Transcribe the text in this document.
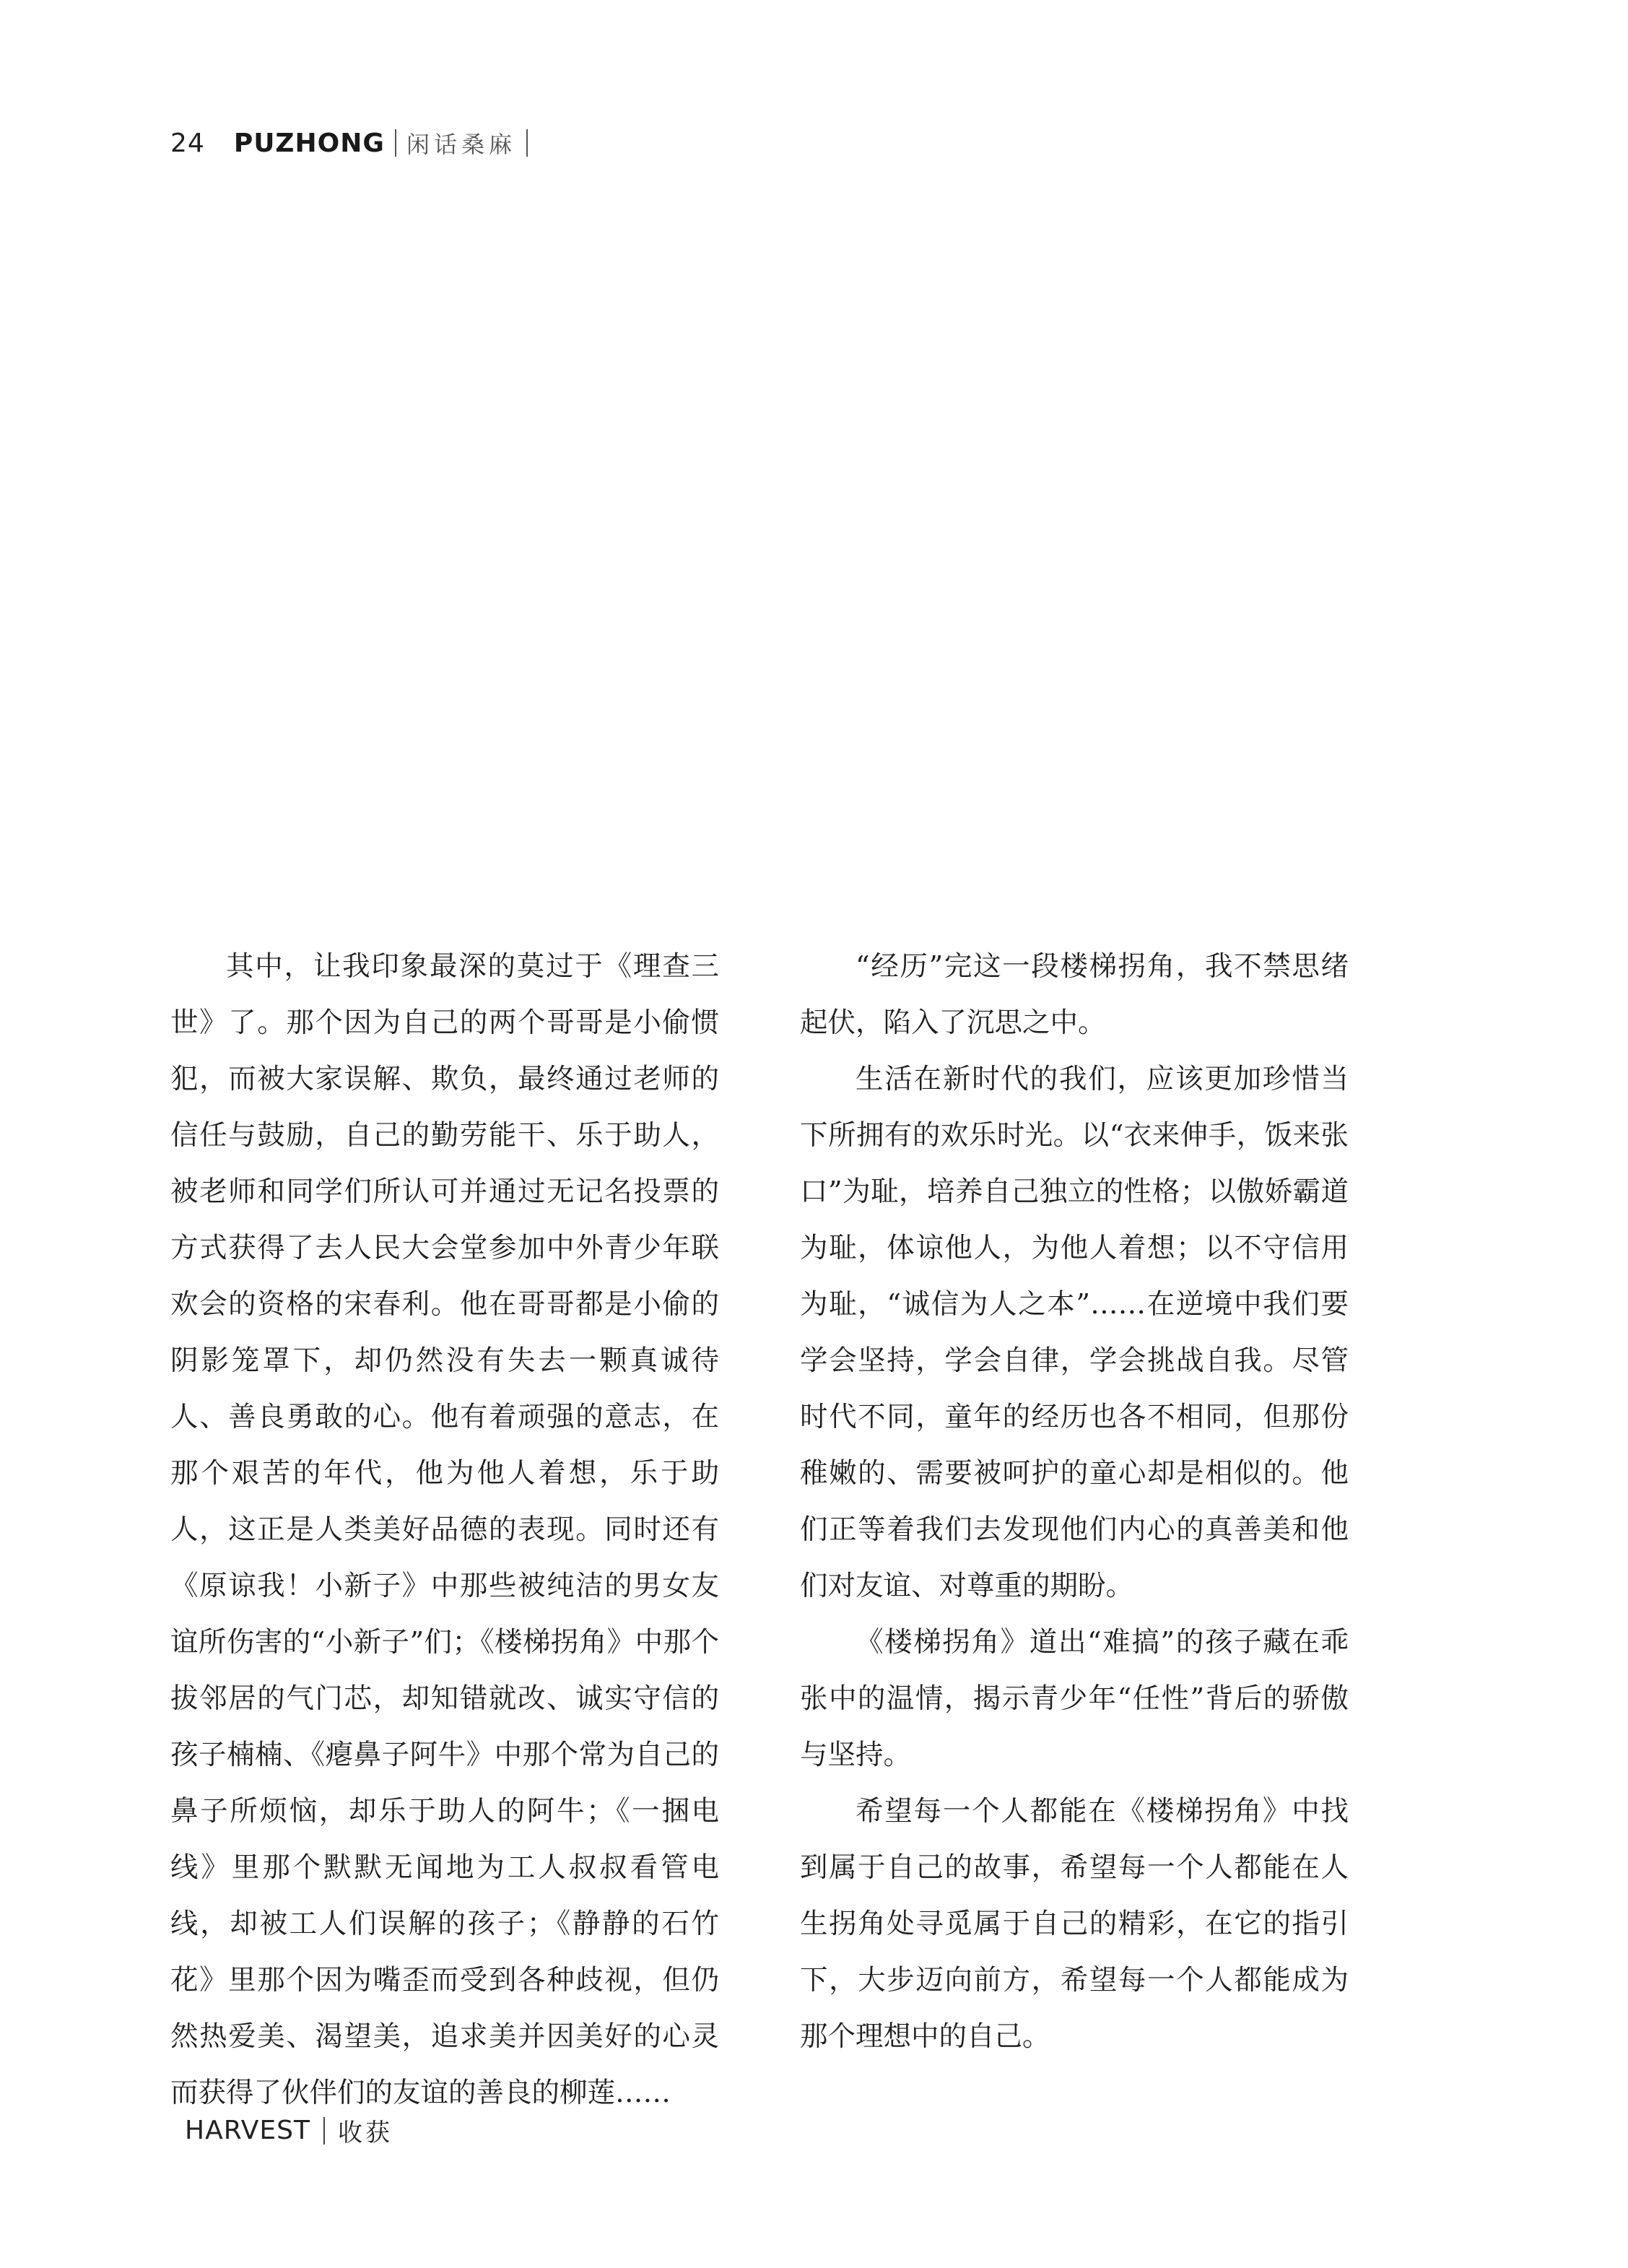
24 PUZHONG 闲话桑麻

其中，让我印象最深的莫过于《理查三世》了。那个因为自己的两个哥哥是小偷惯犯，而被大家误解、欺负，最终通过老师的信任与鼓励，自己的勤劳能干、乐于助人，被老师和同学们所认可并通过无记名投票的方式获得了去人民大会堂参加中外青少年联欢会的资格的宋春利。他在哥哥都是小偷的阴影笼罩下，却仍然没有失去一颗真诚待人、善良勇敢的心。他有着顽强的意志，在那个艰苦的年代，他为他人着想，乐于助人，这正是人类美好品德的表现。同时还有《原谅我！小新子》中那些被纯洁的男女友谊所伤害的“小新子”们；《楼梯拐角》中那个拔邻居的气门芯，却知错就改、诚实守信的孩子楠楠、《瘪鼻子阿牛》中那个常为自己的鼻子所烦恼，却乐于助人的阿牛；《一捆电线》里那个默默无闻地为工人叔叔看管电线，却被工人们误解的孩子；《静静的石竹花》里那个因为嘴歪而受到各种歧视，但仍然热爱美、渴望美，追求美并因美好的心灵而获得了伙伴们的友谊的善良的柳莲……

“经历”完这一段楼梯拐角，我不禁思绪起伏，陷入了沉思之中。

生活在新时代的我们，应该更加珍惜当下所拥有的欢乐时光。以“衣来伸手，饭来张口”为耻，培养自己独立的性格；以傲娇霸道为耻，体谅他人，为他人着想；以不守信用为耻，“诚信为人之本”……在逆境中我们要学会坚持，学会自律，学会挑战自我。尽管时代不同，童年的经历也各不相同，但那份稚嫩的、需要被呵护的童心却是相似的。他们正等着我们去发现他们内心的真善美和他们对友谊、对尊重的期盼。

《楼梯拐角》道出“难搞”的孩子藏在乖张中的温情，揭示青少年“任性”背后的骄傲与坚持。

希望每一个人都能在《楼梯拐角》中找到属于自己的故事，希望每一个人都能在人生拐角处寻觅属于自己的精彩，在它的指引下，大步迈向前方，希望每一个人都能成为那个理想中的自己。

HARVEST 收获
